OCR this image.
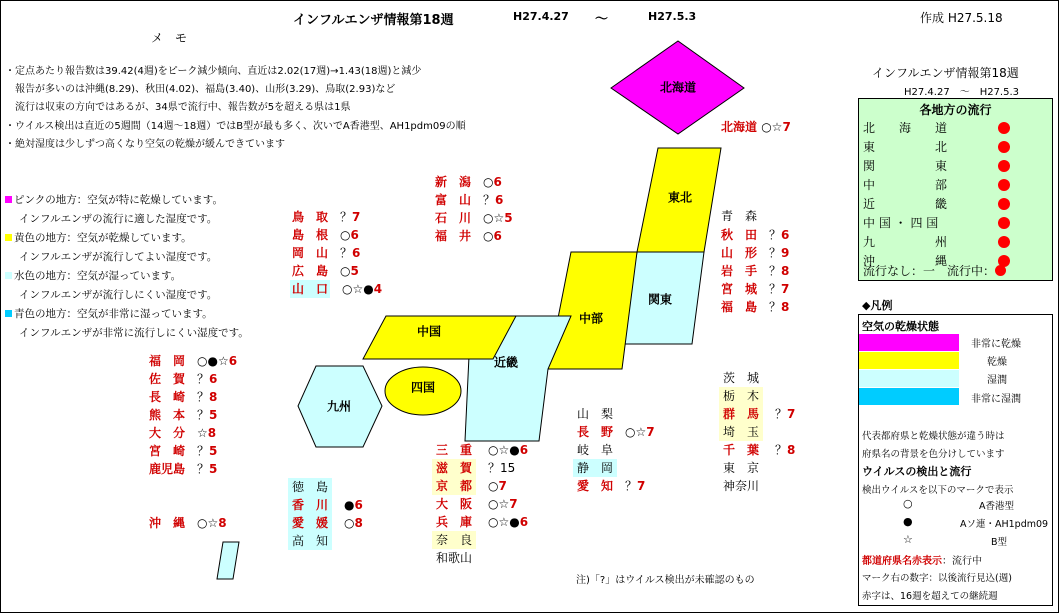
インフルエンザ情報第18週	H27.4.27 ～	H27.5.3	作成 H27.5.18
メ　モ
・定点あたり報告数は39.42(4週)をピーク減少傾向、直近は2.02(17週)→1.43(18週)と減少
　報告が多いのは沖縄(8.29)、秋田(4.02)、福島(3.40)、山形(3.29)、鳥取(2.93)など
　流行は収束の方向ではあるが、34県で流行中、報告数が5を超える県は1県
・ウイルス検出は直近の5週間（14週～18週）ではB型が最も多く、次いでA香港型、AH1pdm09の順
・絶対湿度は少しずつ高くなり空気の乾燥が緩んできています
ピンクの地方：空気が特に乾燥しています。
インフルエンザの流行に適した湿度です。
黄色の地方：空気が乾燥しています。
インフルエンザが流行してよい湿度です。
水色の地方：空気が湿っています。
インフルエンザが流行しにくい湿度です。
青色の地方：空気が非常に湿っています。
インフルエンザが非常に流行しにくい湿度です。
北海道
東北
関東
中部
近畿
中国
四国
九州
北海道 ○☆7
青　森
秋　田　 ？6
山　形　 ？9
岩　手　 ？8
宮　城　 ？7
福　島　 ？8
新　潟　 ○6
富　山　 ？6
石　川　 ○☆5
福　井　 ○6
鳥　取　 ？7
島　根　 ○6
岡　山　 ？6
広　島　 ○5
山　口　 ○☆●4
福　岡　 ○●☆6
佐　賀　 ？6
長　崎　 ？8
熊　本　 ？5
大　分　 ☆8
宮　崎　 ？5
鹿児島　 ？5
沖　縄　 ○☆8
徳　島
香　川　 ●6
愛　媛　 ○8
高　知
三　重　 ○☆●6
滋　賀　 ？15
京　都　 ○7
大　阪　 ○☆7
兵　庫　 ○☆●6
奈　良
和歌山
山　梨
長　野　 ○☆7
岐　阜
静　岡
愛　知　 ？7
茨　城
栃　木
群　馬　 ？7
埼　玉
千　葉　 ？8
東　京
神奈川
注)「?」はウイルス検出が未確認のもの
インフルエンザ情報第18週
H27.4.27　～　H27.5.3
各地方の流行
北　　海　　道
東　　　　　北
関　　　　　東
中　　　　　部
近　　　　　畿
中 国 ・ 四 国
九　　　　　州
沖　　　　　縄
流行なし：一　流行中：
◆凡例
空気の乾燥状態
非常に乾燥
乾燥
湿潤
非常に湿潤
代表都府県と乾燥状態が違う時は
府県名の背景を色分けしています
ウイルスの検出と流行
検出ウイルスを以下のマークで表示
○	A香港型
●	Aソ連・AH1pdm09
☆	B型
都道府県名赤表示：流行中
マーク右の数字：以後流行見込(週)
赤字は、16週を超えての継続週
